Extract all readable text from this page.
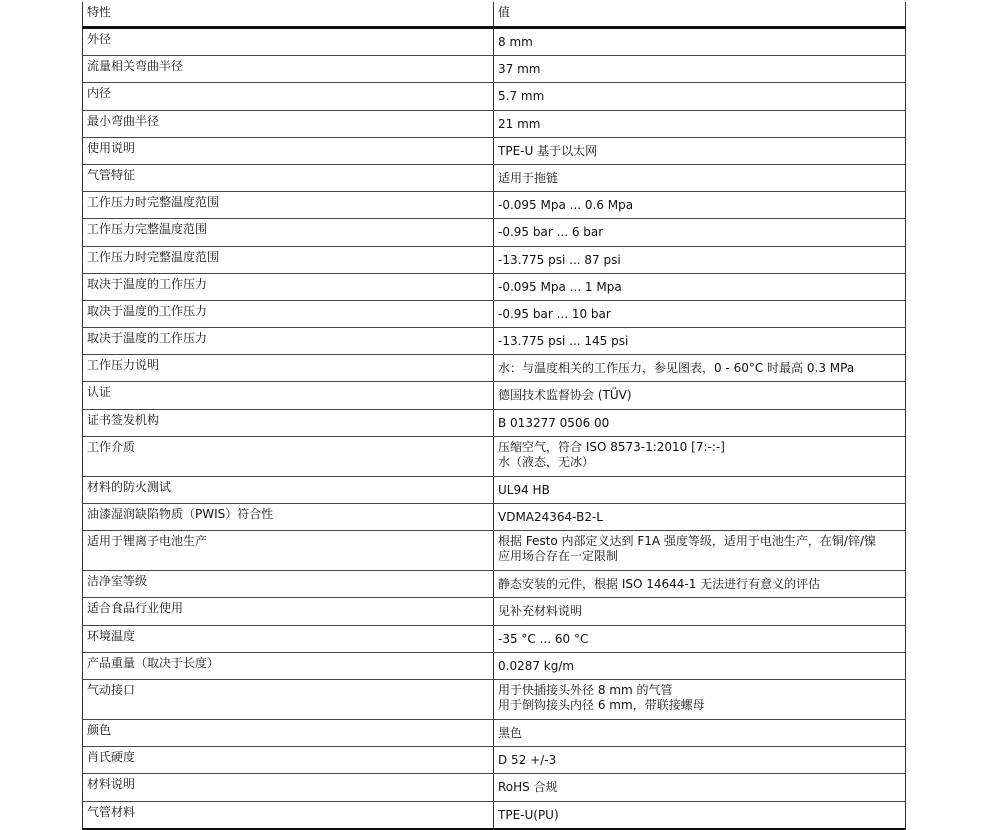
特性	值
外径	8 mm

流量相关弯曲半径	37 mm

内径	5.7 mm

最小弯曲半径	21 mm

使用说明	TPE-U 基于以太网

气管特征	适用于拖链

工作压力时完整温度范围	-0.095 Mpa ... 0.6 Mpa

工作压力完整温度范围	-0.95 bar ... 6 bar

工作压力时完整温度范围	-13.775 psi ... 87 psi

取决于温度的工作压力	-0.095 Mpa ... 1 Mpa

取决于温度的工作压力	-0.95 bar ... 10 bar

取决于温度的工作压力	-13.775 psi ... 145 psi

工作压力说明	水：与温度相关的工作压力，参见图表，0 - 60°C 时最高 0.3 MPa

认证	德国技术监督协会 (TÜV)

证书签发机构	B 013277 0506 00

工作介质	压缩空气，符合 ISO 8573-1:2010 [7:-:-]
水（液态，无冰）

材料的防火测试	UL94 HB

油漆湿润缺陷物质（PWIS）符合性	VDMA24364-B2-L

适用于锂离子电池生产	根据 Festo 内部定义达到 F1A 强度等级，适用于电池生产，在铜/锌/镍
应用场合存在一定限制

洁净室等级	静态安装的元件，根据 ISO 14644-1 无法进行有意义的评估

适合食品行业使用	见补充材料说明

环境温度	-35 °C ... 60 °C

产品重量（取决于长度）	0.0287 kg/m

气动接口	用于快插接头外径 8 mm 的气管
用于倒钩接头内径 6 mm，带联接螺母

颜色	黑色

肖氏硬度	D 52 +/-3

材料说明	RoHS 合规

气管材料	TPE-U(PU)
